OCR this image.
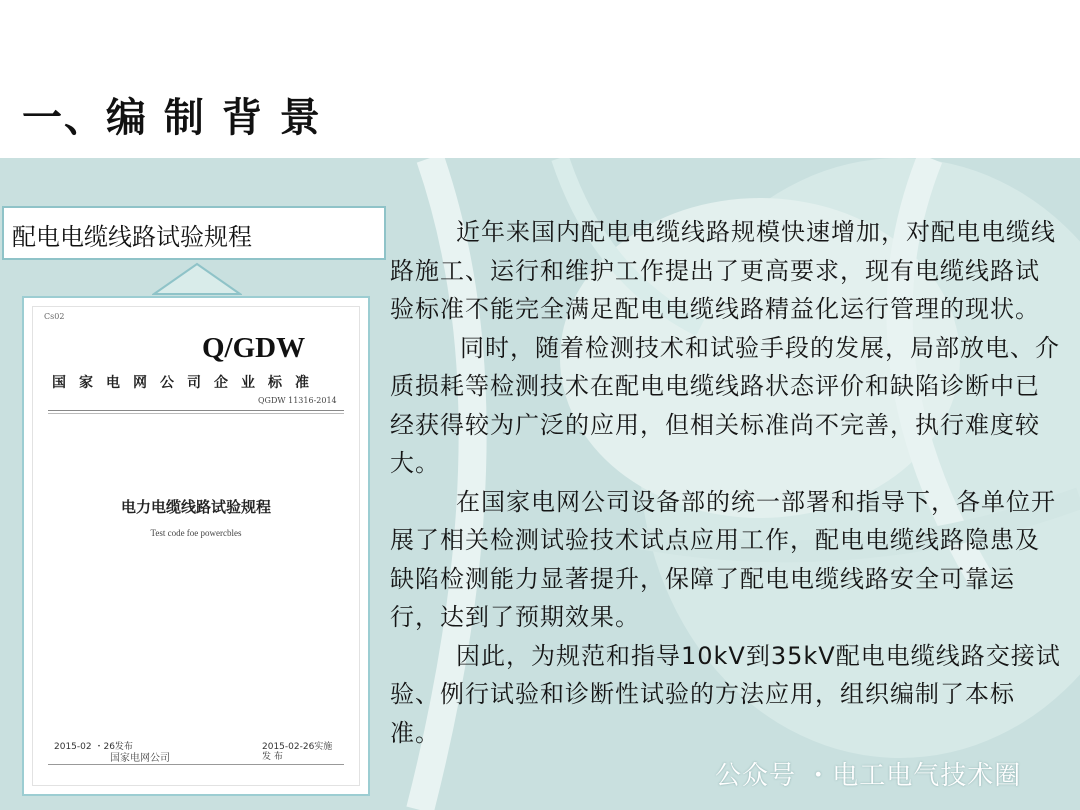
一、编 制 背 景
配电电缆线路试验规程
Cs02
Q/GDW
国家电网公司企业标准
QGDW 11316-2014
电力电缆线路试验规程
Test code foe powercbles
2015-02 ・26发布	2015-02-26实施
国家电网公司	发 布

近年来国内配电电缆线路规模快速增加，对配电电缆线路施工、运行和维护工作提出了更高要求，现有电缆线路试验标准不能完全满足配电电缆线路精益化运行管理的现状。

同时，随着检测技术和试验手段的发展，局部放电、介质损耗等检测技术在配电电缆线路状态评价和缺陷诊断中已经获得较为广泛的应用，但相关标准尚不完善，执行难度较大。

在国家电网公司设备部的统一部署和指导下，各单位开展了相关检测试验技术试点应用工作，配电电缆线路隐患及缺陷检测能力显著提升，保障了配电电缆线路安全可靠运行，达到了预期效果。

因此，为规范和指导10kV到35kV配电电缆线路交接试验、例行试验和诊断性试验的方法应用，组织编制了本标准。

公众号 ・电工电气技术圈
